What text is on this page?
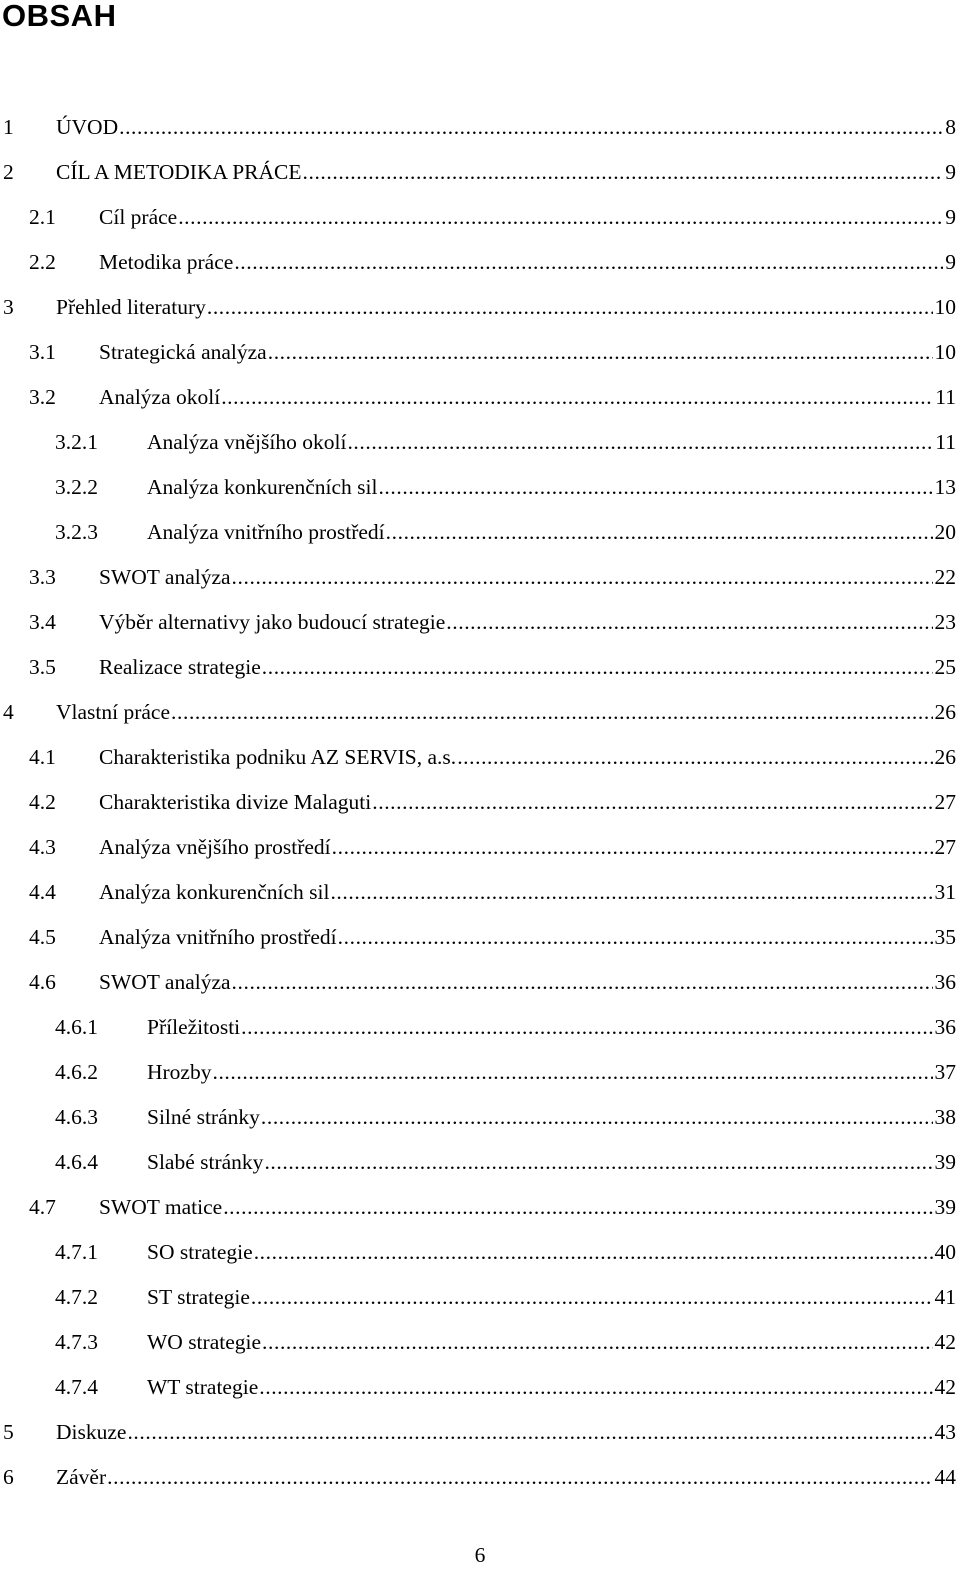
OBSAH
1 ÚVOD .....	8
2 CÍL A METODIKA PRÁCE .....	9
2.1 Cíl práce .....	9
2.2 Metodika práce .....	9
3 Přehled literatury .....	10
3.1 Strategická analýza .....	10
3.2 Analýza okolí .....	11
3.2.1 Analýza vnějšího okolí .....	11
3.2.2 Analýza konkurenčních sil .....	13
3.2.3 Analýza vnitřního prostředí .....	20
3.3 SWOT analýza .....	22
3.4 Výběr alternativy jako budoucí strategie .....	23
3.5 Realizace strategie .....	25
4 Vlastní práce .....	26
4.1 Charakteristika podniku AZ SERVIS, a.s. .....	26
4.2 Charakteristika divize Malaguti .....	27
4.3 Analýza vnějšího prostředí .....	27
4.4 Analýza konkurenčních sil .....	31
4.5 Analýza vnitřního prostředí .....	35
4.6 SWOT analýza .....	36
4.6.1 Příležitosti .....	36
4.6.2 Hrozby .....	37
4.6.3 Silné stránky .....	38
4.6.4 Slabé stránky .....	39
4.7 SWOT matice .....	39
4.7.1 SO strategie .....	40
4.7.2 ST strategie .....	41
4.7.3 WO strategie .....	42
4.7.4 WT strategie .....	42
5 Diskuze .....	43
6 Závěr .....	44
6
